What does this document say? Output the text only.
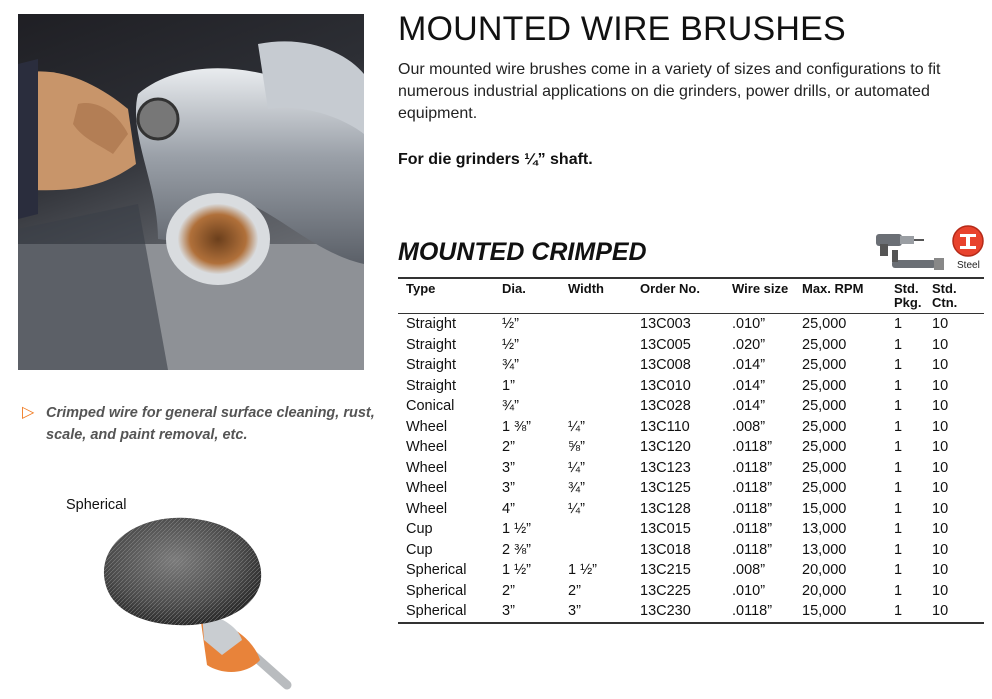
▷ Crimped wire for general surface cleaning, rust, scale, and paint removal, etc.
Spherical
MOUNTED WIRE BRUSHES

Our mounted wire brushes come in a variety of sizes and configurations to fit numerous industrial applications on die grinders, power drills, or automated equipment.

For die grinders ¼” shaft.

MOUNTED CRIMPED	Steel
Type	Dia.	Width	Order No.	Wire size	Max. RPM	Std. Pkg.	Std. Ctn.
Straight	½”		13C003	.010”	25,000	1	10
Straight	½”		13C005	.020”	25,000	1	10
Straight	¾”		13C008	.014”	25,000	1	10
Straight	1”		13C010	.014”	25,000	1	10
Conical	¾”		13C028	.014”	25,000	1	10
Wheel	1 ⅜”	¼”	13C110	.008”	25,000	1	10
Wheel	2”	⅝”	13C120	.0118”	25,000	1	10
Wheel	3”	¼”	13C123	.0118”	25,000	1	10
Wheel	3”	¾”	13C125	.0118”	25,000	1	10
Wheel	4”	¼”	13C128	.0118”	15,000	1	10
Cup	1 ½”		13C015	.0118”	13,000	1	10
Cup	2 ⅜”		13C018	.0118”	13,000	1	10
Spherical	1 ½”	1 ½”	13C215	.008”	20,000	1	10
Spherical	2”	2”	13C225	.010”	20,000	1	10
Spherical	3”	3”	13C230	.0118”	15,000	1	10
